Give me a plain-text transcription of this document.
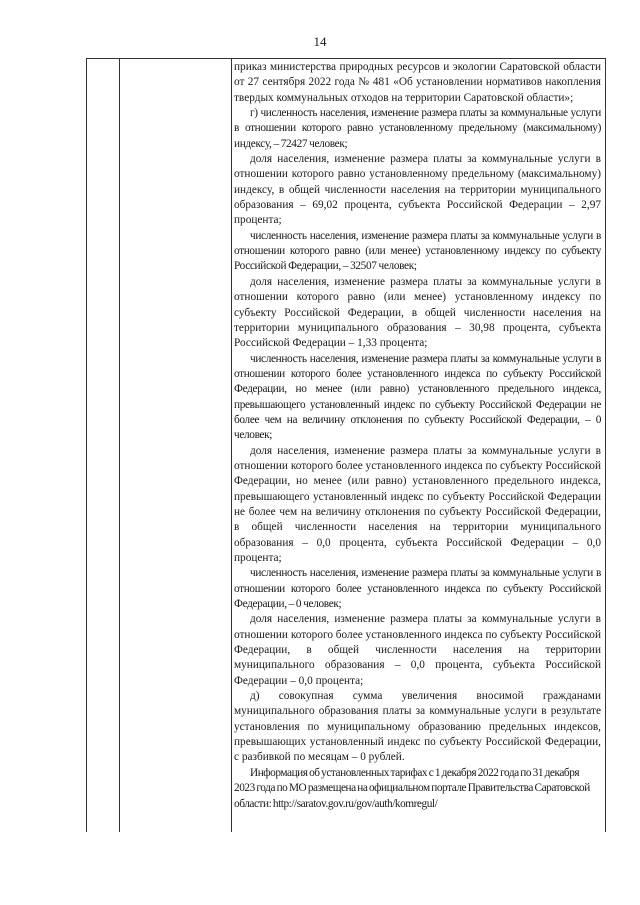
14

приказ министерства природных ресурсов и экологии Саратовской области от 27 сентября 2022 года № 481 «Об установлении нормативов накопления твердых коммунальных отходов на территории Саратовской области»;

г) численность населения, изменение размера платы за коммунальные услуги в отношении которого равно установленному предельному (максимальному) индексу, – 72427 человек;

доля населения, изменение размера платы за коммунальные услуги в отношении которого равно установленному предельному (максимальному) индексу, в общей численности населения на территории муниципального образования – 69,02 процента, субъекта Российской Федерации – 2,97 процента;

численность населения, изменение размера платы за коммунальные услуги в отношении которого равно (или менее) установленному индексу по субъекту Российской Федерации, – 32507 человек;

доля населения, изменение размера платы за коммунальные услуги в отношении которого равно (или менее) установленному индексу по субъекту Российской Федерации, в общей численности населения на территории муниципального образования – 30,98 процента, субъекта Российской Федерации – 1,33 процента;

численность населения, изменение размера платы за коммунальные услуги в отношении которого более установленного индекса по субъекту Российской Федерации, но менее (или равно) установленного предельного индекса, превышающего установленный индекс по субъекту Российской Федерации не более чем на величину отклонения по субъекту Российской Федерации, – 0 человек;

доля населения, изменение размера платы за коммунальные услуги в отношении которого более установленного индекса по субъекту Российской Федерации, но менее (или равно) установленного предельного индекса, превышающего установленный индекс по субъекту Российской Федерации не более чем на величину отклонения по субъекту Российской Федерации, в общей численности населения на территории муниципального образования – 0,0 процента, субъекта Российской Федерации – 0,0 процента;

численность населения, изменение размера платы за коммунальные услуги в отношении которого более установленного индекса по субъекту Российской Федерации, – 0 человек;

доля населения, изменение размера платы за коммунальные услуги в отношении которого более установленного индекса по субъекту Российской Федерации, в общей численности населения на территории муниципального образования – 0,0 процента, субъекта Российской Федерации – 0,0 процента;

д) совокупная сумма увеличения вносимой гражданами муниципального образования платы за коммунальные услуги в результате установления по муниципальному образованию предельных индексов, превышающих установленный индекс по субъекту Российской Федерации, с разбивкой по месяцам – 0 рублей.

Информация об установленных тарифах с 1 декабря 2022 года по 31 декабря 2023 года по МО размещена на официальном портале Правительства Саратовской области: http://saratov.gov.ru/gov/auth/komregul/
